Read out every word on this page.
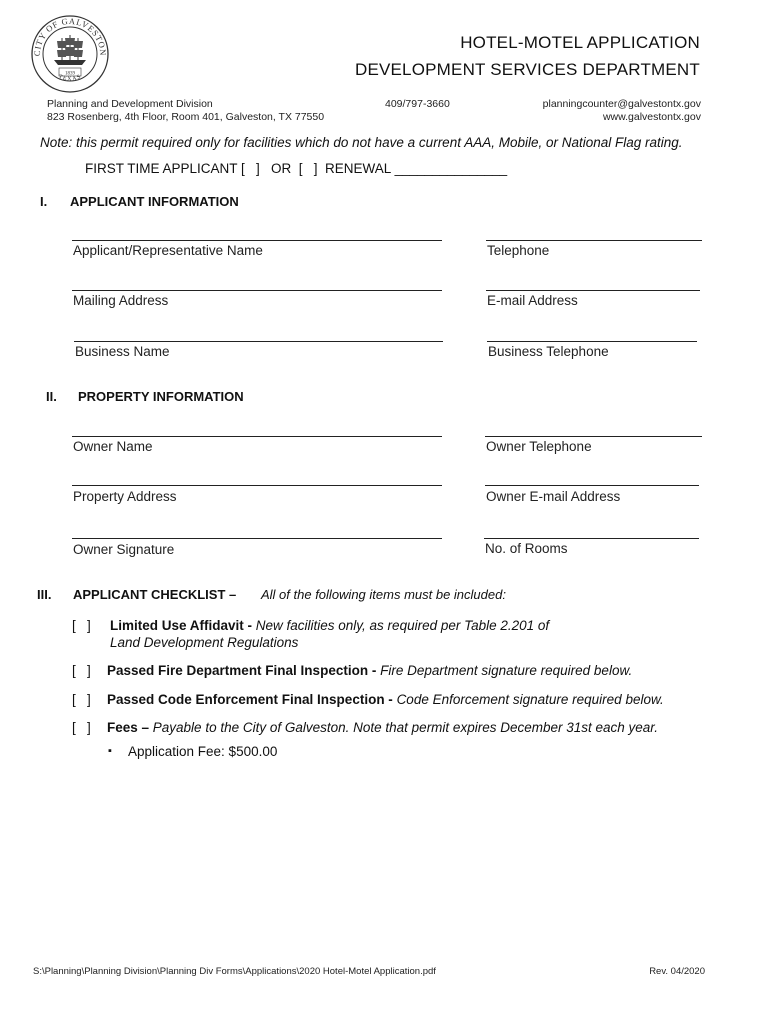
CITY OF GALVESTON
TEXAS
1839
HOTEL-MOTEL APPLICATION
DEVELOPMENT SERVICES DEPARTMENT
Planning and Development Division
823 Rosenberg, 4th Floor, Room 401, Galveston, TX 77550
409/797-3660	planningcounter@galvestontx.gov
www.galvestontx.gov
Note: this permit required only for facilities which do not have a current AAA, Mobile, or National Flag rating.
FIRST TIME APPLICANT [   ]   OR  [   ]  RENEWAL _______________
I. APPLICANT INFORMATION
Applicant/Representative Name	Telephone
Mailing Address	E-mail Address
Business Name	Business Telephone
II. PROPERTY INFORMATION
Owner Name	Owner Telephone
Property Address	Owner E-mail Address
Owner Signature	No. of Rooms
III. APPLICANT CHECKLIST – All of the following items must be included:
[   ] Limited Use Affidavit - New facilities only, as required per Table 2.201 of
Land Development Regulations
[   ] Passed Fire Department Final Inspection - Fire Department signature required below.
[   ] Passed Code Enforcement Final Inspection - Code Enforcement signature required below.
[   ] Fees – Payable to the City of Galveston. Note that permit expires December 31st each year.
▪ Application Fee: $500.00
S:\Planning\Planning Division\Planning Div Forms\Applications\2020 Hotel-Motel Application.pdf	Rev. 04/2020
